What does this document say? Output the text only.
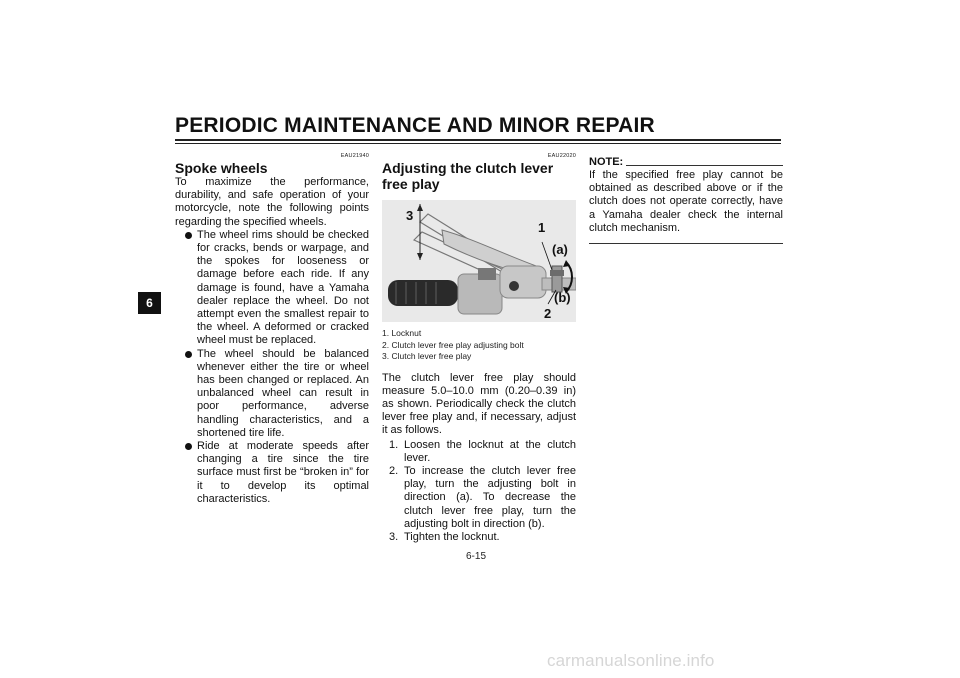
PERIODIC MAINTENANCE AND MINOR REPAIR
6
EAU21940
Spoke wheels

To maximize the performance, durability, and safe operation of your motorcycle, note the following points regarding the specified wheels.

The wheel rims should be checked for cracks, bends or warpage, and the spokes for looseness or damage before each ride. If any damage is found, have a Yamaha dealer replace the wheel. Do not attempt even the smallest repair to the wheel. A deformed or cracked wheel must be replaced.
The wheel should be balanced whenever either the tire or wheel has been changed or replaced. An unbalanced wheel can result in poor performance, adverse handling characteristics, and a shortened tire life.
Ride at moderate speeds after changing a tire since the tire surface must first be “broken in” for it to develop its optimal characteristics.
EAU22020
Adjusting the clutch lever free play
3
1
(a)
(b)
2
1. Locknut
2. Clutch lever free play adjusting bolt
3. Clutch lever free play

The clutch lever free play should measure 5.0–10.0 mm (0.20–0.39 in) as shown. Periodically check the clutch lever free play and, if necessary, adjust it as follows.

1. Loosen the locknut at the clutch lever.
2. To increase the clutch lever free play, turn the adjusting bolt in direction (a). To decrease the clutch lever free play, turn the adjusting bolt in direction (b).
3. Tighten the locknut.
NOTE:

If the specified free play cannot be obtained as described above or if the clutch does not operate correctly, have a Yamaha dealer check the internal clutch mechanism.

6-15
carmanualsonline.info
